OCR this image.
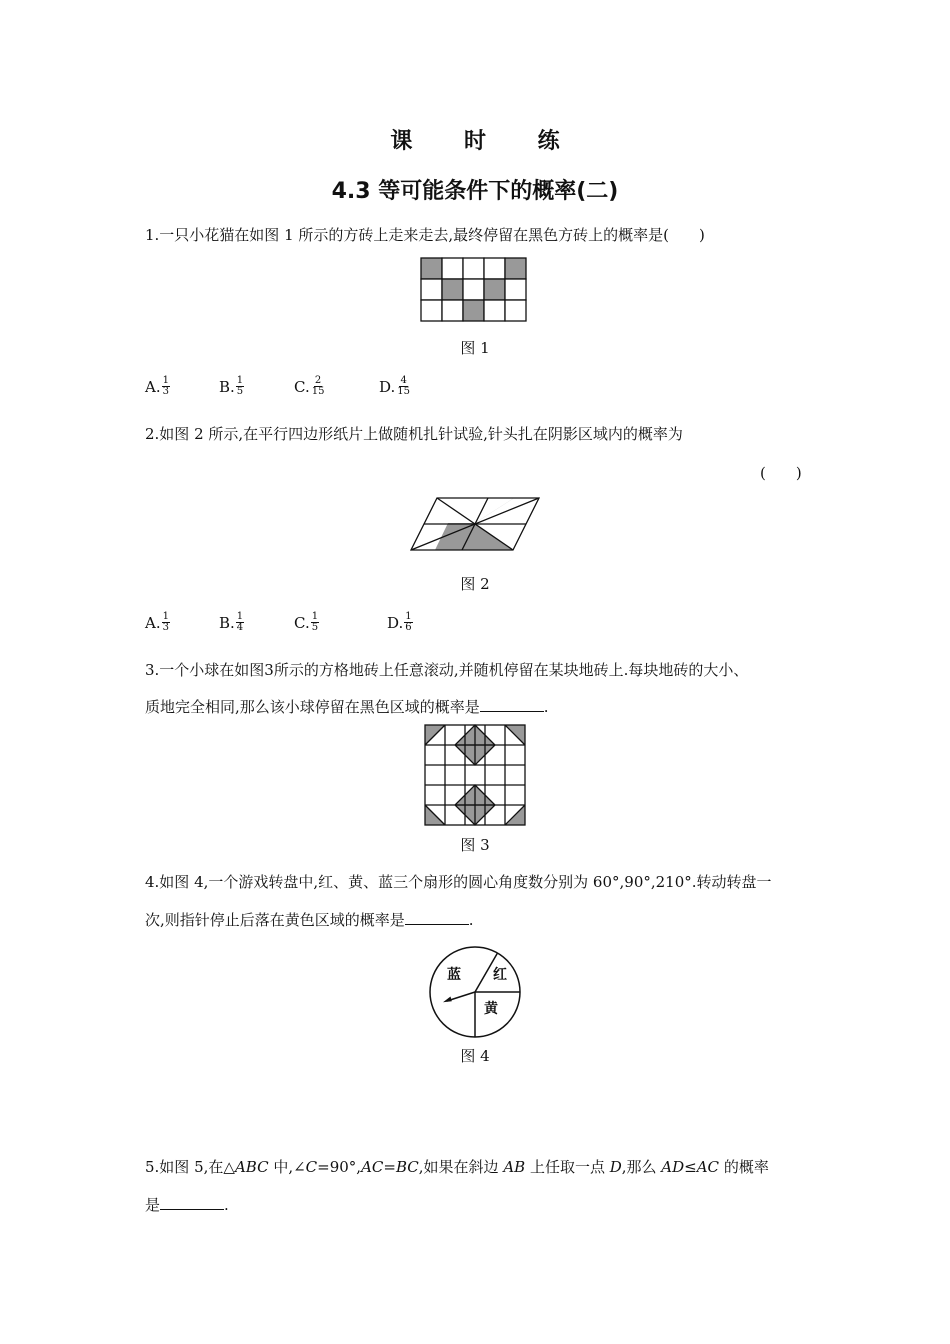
课 时 练
4.3 等可能条件下的概率(二)
1.一只小花猫在如图 1 所示的方砖上走来走去,最终停留在黑色方砖上的概率是(　　)
图 1
A. $\frac{1}{3}$	B. $\frac{1}{5}$	C. $\frac{2}{15}$	D. $\frac{4}{15}$
2.如图 2 所示,在平行四边形纸片上做随机扎针试验,针头扎在阴影区域内的概率为
(　　)
图 2
A. $\frac{1}{3}$	B. $\frac{1}{4}$	C. $\frac{1}{5}$	D. $\frac{1}{6}$
3.一个小球在如图3所示的方格地砖上任意滚动,并随机停留在某块地砖上.每块地砖的大小、
质地完全相同,那么该小球停留在黑色区域的概率是	.
图 3
4.如图 4,一个游戏转盘中,红、黄、蓝三个扇形的圆心角度数分别为 60°,90°,210°.转动转盘一
次,则指针停止后落在黄色区域的概率是	.
蓝 红
黄
图 4
5.如图 5,在△ABC 中,∠C=90°,AC=BC,如果在斜边 AB 上任取一点 D,那么 AD≤AC 的概率
是	.
